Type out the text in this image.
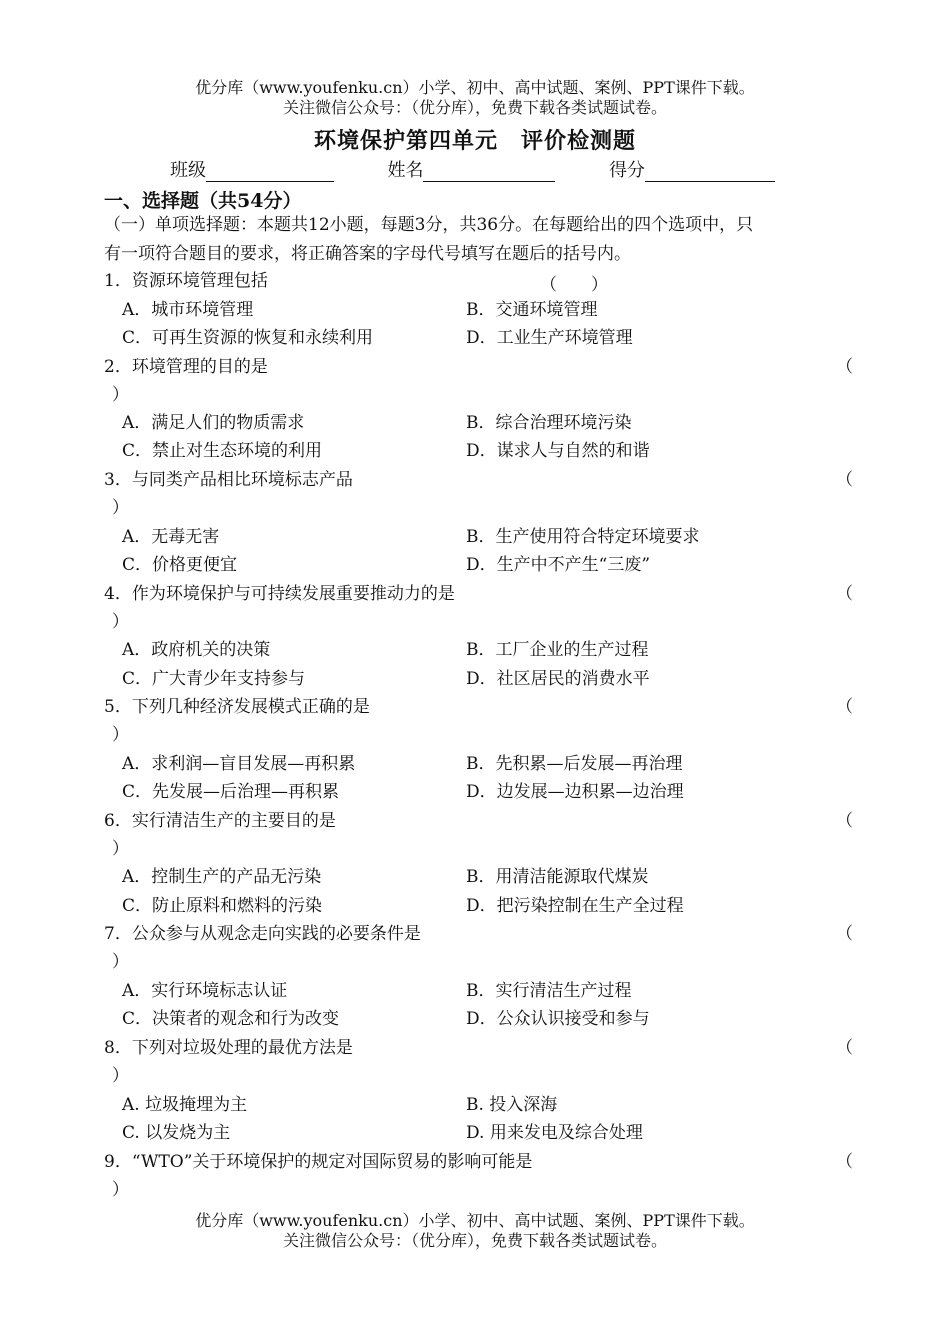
优分库（www.youfenku.cn）小学、初中、高中试题、案例、PPT课件下载。
关注微信公众号：（优分库），免费下载各类试题试卷。
环境保护第四单元　评价检测题
班级	姓名	得分
一、选择题（共54分）
（一）单项选择题：本题共12小题，每题3分，共36分。在每题给出的四个选项中，只
有一项符合题目的要求，将正确答案的字母代号填写在题后的括号内。
1．资源环境管理包括	（　　）
A．城市环境管理	B．交通环境管理
C．可再生资源的恢复和永续利用	D．工业生产环境管理
2．环境管理的目的是	（
）
A．满足人们的物质需求	B．综合治理环境污染
C．禁止对生态环境的利用	D．谋求人与自然的和谐
3．与同类产品相比环境标志产品	（
）
A．无毒无害	B．生产使用符合特定环境要求
C．价格更便宜	D．生产中不产生“三废”
4．作为环境保护与可持续发展重要推动力的是	（
）
A．政府机关的决策	B．工厂企业的生产过程
C．广大青少年支持参与	D．社区居民的消费水平
5．下列几种经济发展模式正确的是	（
）
A．求利润—盲目发展—再积累	B．先积累—后发展—再治理
C．先发展—后治理—再积累	D．边发展—边积累—边治理
6．实行清洁生产的主要目的是	（
）
A．控制生产的产品无污染	B．用清洁能源取代煤炭
C．防止原料和燃料的污染	D．把污染控制在生产全过程
7．公众参与从观念走向实践的必要条件是	（
）
A．实行环境标志认证	B．实行清洁生产过程
C．决策者的观念和行为改变	D．公众认识接受和参与
8．下列对垃圾处理的最优方法是	（
）
A. 垃圾掩埋为主	B. 投入深海
C. 以发烧为主	D. 用来发电及综合处理
9．“WTO”关于环境保护的规定对国际贸易的影响可能是	（
）
优分库（www.youfenku.cn）小学、初中、高中试题、案例、PPT课件下载。
关注微信公众号：（优分库），免费下载各类试题试卷。
